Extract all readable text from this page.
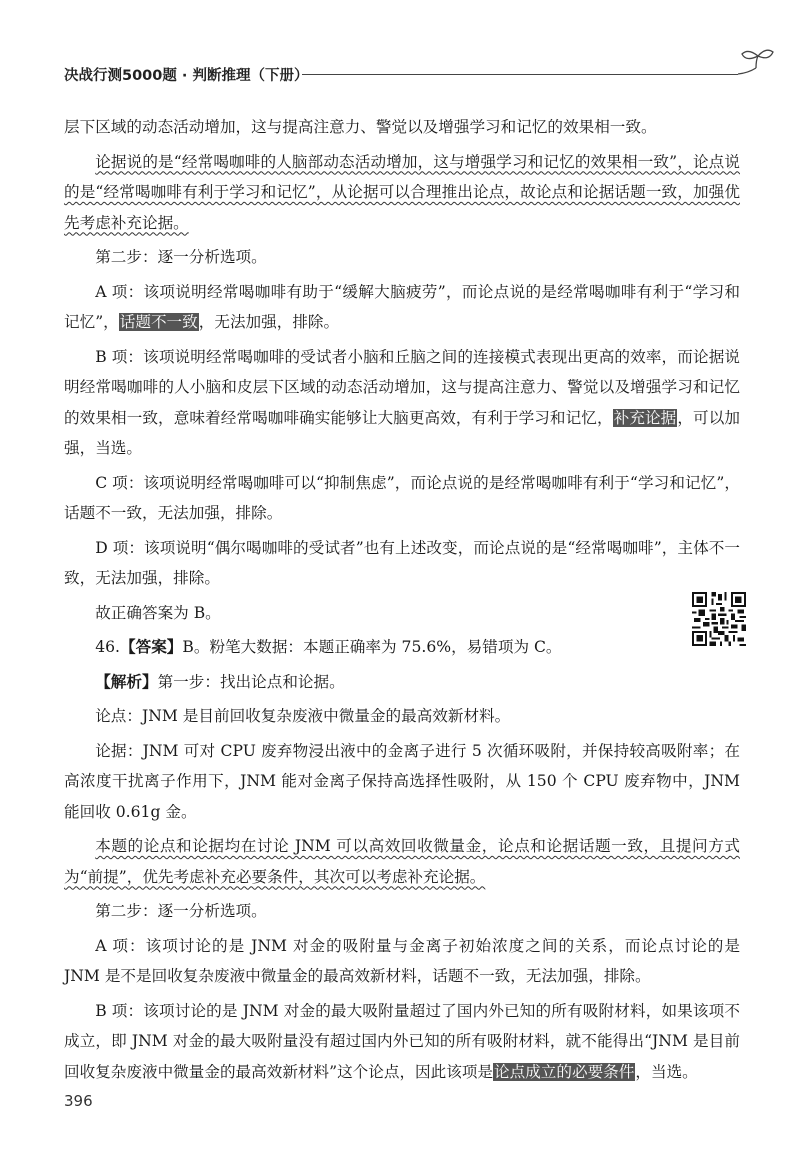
决战行测5000题 · 判断推理（下册）

层下区域的动态活动增加，这与提高注意力、警觉以及增强学习和记忆的效果相一致。

论据说的是“经常喝咖啡的人脑部动态活动增加，这与增强学习和记忆的效果相一致”，论点说的是“经常喝咖啡有利于学习和记忆”，从论据可以合理推出论点，故论点和论据话题一致，加强优先考虑补充论据。

第二步：逐一分析选项。

A 项：该项说明经常喝咖啡有助于“缓解大脑疲劳”，而论点说的是经常喝咖啡有利于“学习和记忆”，话题不一致，无法加强，排除。

B 项：该项说明经常喝咖啡的受试者小脑和丘脑之间的连接模式表现出更高的效率，而论据说明经常喝咖啡的人小脑和皮层下区域的动态活动增加，这与提高注意力、警觉以及增强学习和记忆的效果相一致，意味着经常喝咖啡确实能够让大脑更高效，有利于学习和记忆，补充论据，可以加强，当选。

C 项：该项说明经常喝咖啡可以“抑制焦虑”，而论点说的是经常喝咖啡有利于“学习和记忆”，话题不一致，无法加强，排除。

D 项：该项说明“偶尔喝咖啡的受试者”也有上述改变，而论点说的是“经常喝咖啡”，主体不一致，无法加强，排除。

故正确答案为 B。

46.【答案】B。粉笔大数据：本题正确率为 75.6%，易错项为 C。

【解析】第一步：找出论点和论据。

论点：JNM 是目前回收复杂废液中微量金的最高效新材料。

论据：JNM 可对 CPU 废弃物浸出液中的金离子进行 5 次循环吸附，并保持较高吸附率；在高浓度干扰离子作用下，JNM 能对金离子保持高选择性吸附，从 150 个 CPU 废弃物中，JNM 能回收 0.61g 金。

本题的论点和论据均在讨论 JNM 可以高效回收微量金，论点和论据话题一致，且提问方式为“前提”，优先考虑补充必要条件，其次可以考虑补充论据。

第二步：逐一分析选项。

A 项：该项讨论的是 JNM 对金的吸附量与金离子初始浓度之间的关系，而论点讨论的是 JNM 是不是回收复杂废液中微量金的最高效新材料，话题不一致，无法加强，排除。

B 项：该项讨论的是 JNM 对金的最大吸附量超过了国内外已知的所有吸附材料，如果该项不成立，即 JNM 对金的最大吸附量没有超过国内外已知的所有吸附材料，就不能得出“JNM 是目前回收复杂废液中微量金的最高效新材料”这个论点，因此该项是论点成立的必要条件，当选。

396
